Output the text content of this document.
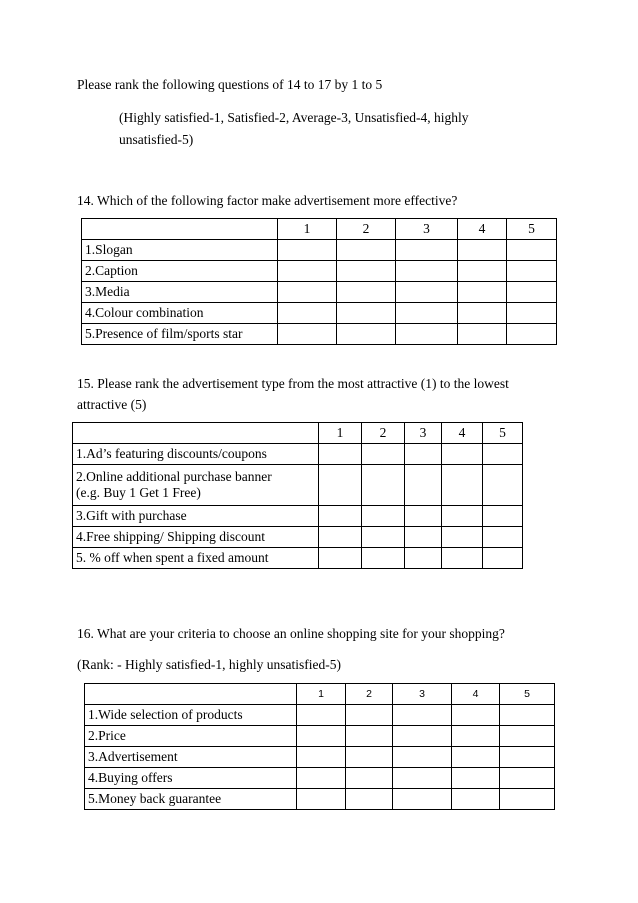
Please rank the following questions of 14 to 17 by 1 to 5
(Highly satisfied-1, Satisfied-2, Average-3, Unsatisfied-4, highly
unsatisfied-5)
14. Which of the following factor make advertisement more effective?
	1	2	3	4	5
1.Slogan					
2.Caption					
3.Media					
4.Colour combination					
5.Presence of film/sports star					
15. Please rank the advertisement type from the most attractive (1) to the lowest
attractive (5)
	1	2	3	4	5
1.Ad’s featuring discounts/coupons					

2.Online additional purchase banner
(e.g. Buy 1 Get 1 Free)					

3.Gift with purchase					
4.Free shipping/ Shipping discount					
5. % off when spent a fixed amount					
16. What are your criteria to choose an online shopping site for your shopping?
(Rank: - Highly satisfied-1, highly unsatisfied-5)
	1	2	3	4	5
1.Wide selection of products					
2.Price					
3.Advertisement					
4.Buying offers					
5.Money back guarantee					
